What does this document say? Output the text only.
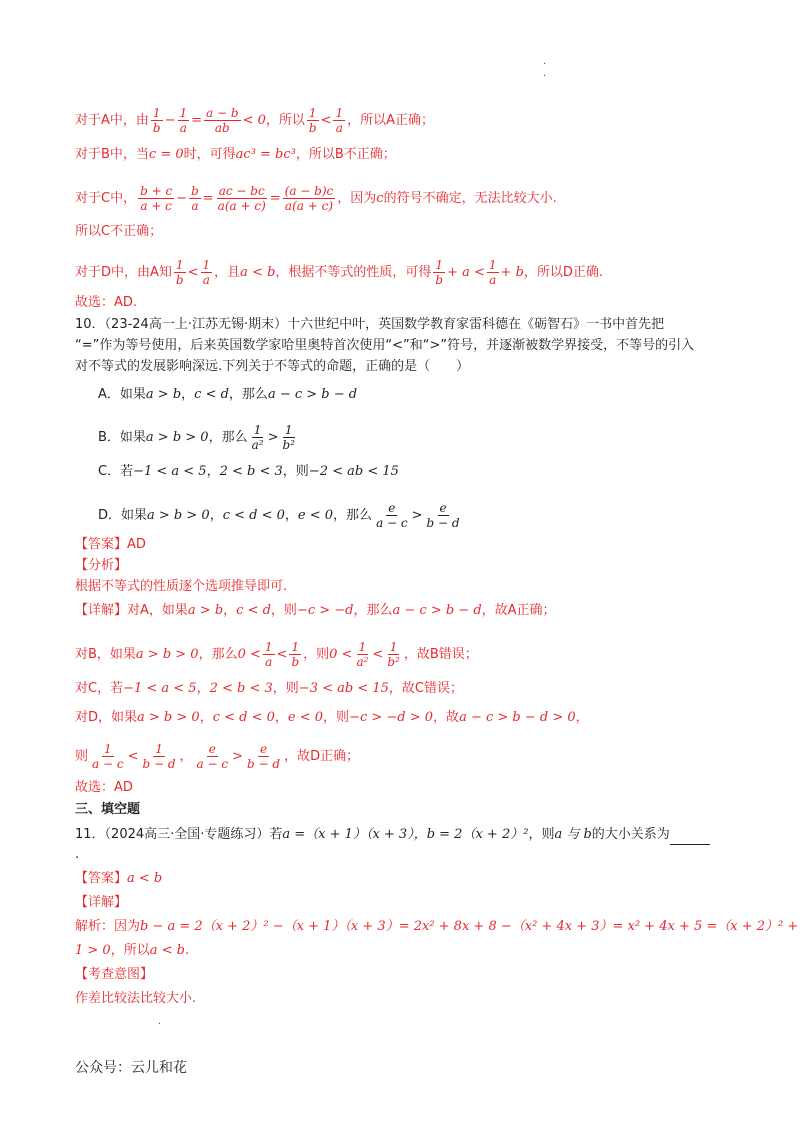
.
.
对于A中，由 $\frac{1}{b} - \frac{1}{a} = \frac{a - b}{ab} < 0$，所以 $\frac{1}{b} < \frac{1}{a}$ ，所以A正确；
对于B中，当c = 0时，可得ac³ = bc³，所以B不正确；
对于C中， $\frac{b + c}{a + c} - \frac{b}{a} = \frac{ac - bc}{a(a + c)} = \frac{(a - b)c}{a(a + c)}$ ，因为c的符号不确定，无法比较大小.
所以C不正确；
对于D中，由A知 $\frac{1}{b} < \frac{1}{a}$ ，且a < b，根据不等式的性质，可得 $\frac{1}{b} + a < \frac{1}{a} + b$，所以D正确.
故选：AD.
10．（23-24高一上·江苏无锡·期末）十六世纪中叶，英国数学教育家雷科德在《砺智石》一书中首先把
“=”作为等号使用，后来英国数学家哈里奥特首次使用“<”和“>”符号，并逐渐被数学界接受，不等号的引入
对不等式的发展影响深远.下列关于不等式的命题，正确的是（　　）
A．如果a > b，c < d，那么a − c > b − d
B．如果a > b > 0，那么 $\frac{1}{\text{a²}} > \frac{1}{\text{b²}}$
C．若−1 < a < 5，2 < b < 3，则−2 < ab < 15
D．如果a > b > 0，c < d < 0，e < 0，那么 $\frac{e}{a - c} > \frac{e}{b - d}$
【答案】AD
【分析】
根据不等式的性质逐个选项推导即可.
【详解】对A，如果a > b，c < d，则−c > −d，那么a − c > b − d，故A正确；
对B，如果a > b > 0，那么$0 < \frac{1}{a} < \frac{1}{b}$ ，则$0 < \frac{1}{\text{a²}} < \frac{1}{\text{b²}}$ ，故B错误；
对C，若−1 < a < 5，2 < b < 3，则−3 < ab < 15，故C错误；
对D，如果a > b > 0，c < d < 0，e < 0，则−c > −d > 0，故a − c > b − d > 0，
则 $\frac{1}{a - c} < \frac{1}{b - d}$ ， $\frac{e}{a - c} > \frac{e}{b - d}$ ，故D正确；
故选：AD
三、填空题
11．（2024高三·全国·专题练习）若a =（x + 1）（x + 3），b = 2（x + 2）²，则a 与 b的大小关系为
.
【答案】a < b
【详解】
解析：因为b − a = 2（x + 2）² −（x + 1）（x + 3）= 2x² + 8x + 8 −（x² + 4x + 3）= x² + 4x + 5 =（x + 2）² +
1 > 0，所以a < b.
【考查意图】
作差比较法比较大小.
.
公众号：云儿和花
